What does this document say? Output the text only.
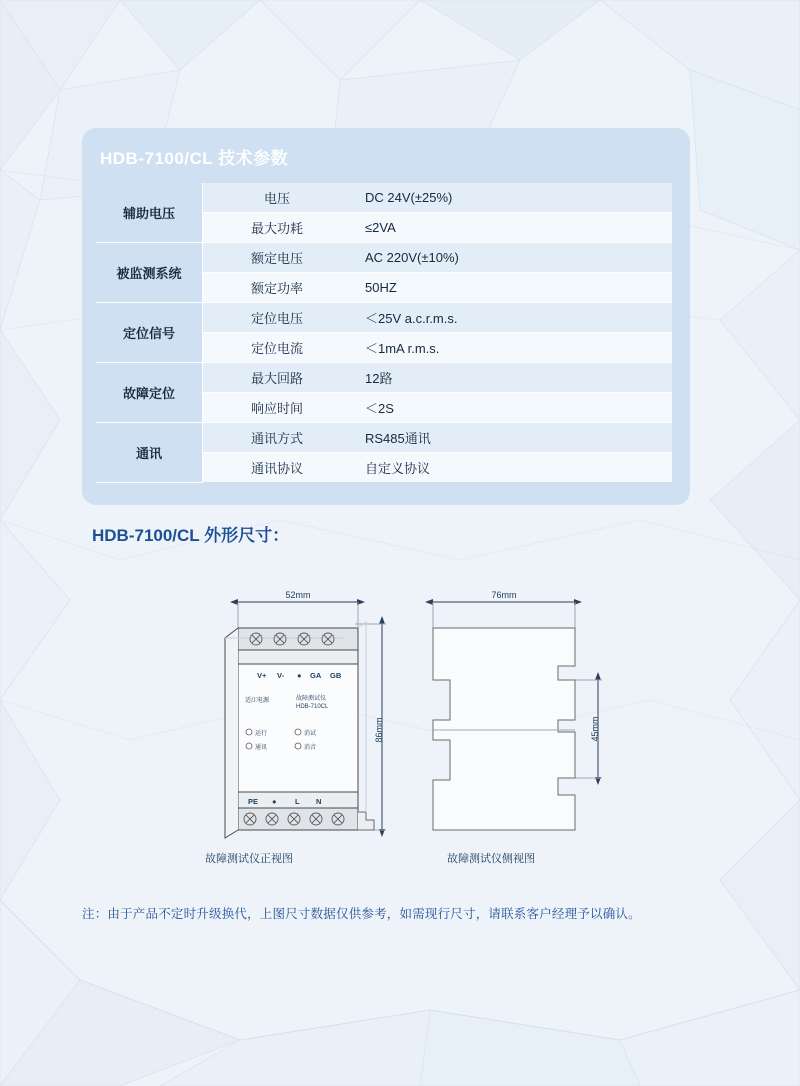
HDB-7100/CL 技术参数
辅助电压	电压	DC 24V(±25%)
	最大功耗	≤2VA
被监测系统	额定电压	AC 220V(±10%)
	额定功率	50HZ
定位信号	定位电压	＜25V a.c.r.m.s.
	定位电流	＜1mA r.m.s.
故障定位	最大回路	12路
	响应时间	＜2S
通讯	通讯方式	RS485通讯
	通讯协议	自定义协议
HDB-7100/CL 外形尺寸：
52mm
V+ V- ● GA GB
适江电源	故障测试仪
HDB-710CL
运行
通讯
消试
消音
PE ● L N
86mm
76mm
45mm
故障测试仪正视图	故障测试仪侧视图
注：由于产品不定时升级换代，上图尺寸数据仅供参考，如需现行尺寸，请联系客户经理予以确认。
